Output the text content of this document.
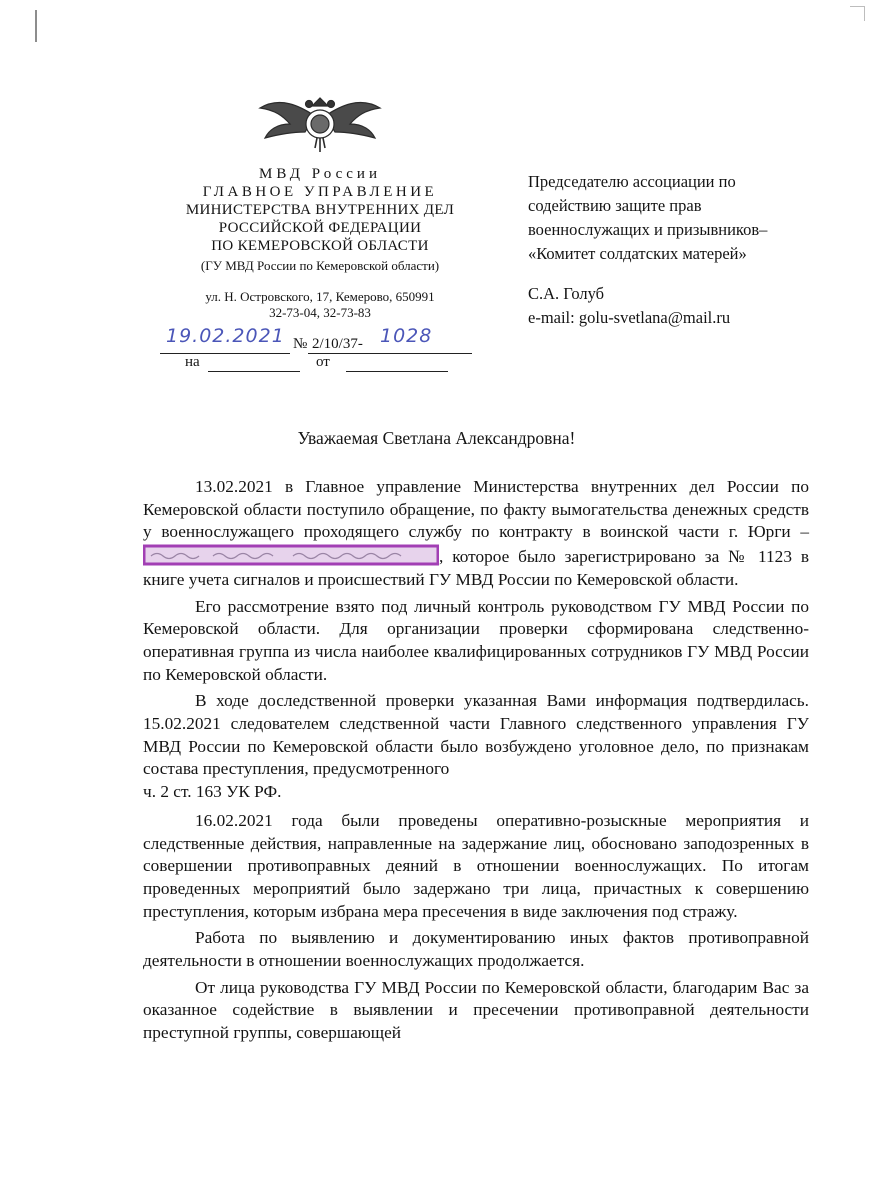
МВД России
ГЛАВНОЕ УПРАВЛЕНИЕ
МИНИСТЕРСТВА ВНУТРЕННИХ ДЕЛ
РОССИЙСКОЙ ФЕДЕРАЦИИ
ПО КЕМЕРОВСКОЙ ОБЛАСТИ
(ГУ МВД России по Кемеровской области)
ул. Н. Островского, 17, Кемерово, 650991
32-73-04, 32-73-83
№ 2/10/37-
на	от
19.02.2021	1028
Председателю ассоциации по
содействию защите прав
военнослужащих и призывников–
«Комитет солдатских матерей»
С.А. Голуб
e-mail: golu-svetlana@mail.ru
Уважаемая Светлана Александровна!

13.02.2021 в Главное управление Министерства внутренних дел России по Кемеровской области поступило обращение, по факту вымогательства денежных средств у военнослужащего проходящего службу по контракту в воинской части г. Юрги –
, которое было зарегистрировано за № 1123 в книге учета сигналов и происшествий ГУ МВД России по Кемеровской области.

Его рассмотрение взято под личный контроль руководством ГУ МВД России по Кемеровской области. Для организации проверки сформирована следственно-оперативная группа из числа наиболее квалифицированных сотрудников ГУ МВД России по Кемеровской области.

В ходе доследственной проверки указанная Вами информация подтвердилась. 15.02.2021 следователем следственной части Главного следственного управления ГУ МВД России по Кемеровской области было возбуждено уголовное дело, по признакам состава преступления, предусмотренного

ч. 2 ст. 163 УК РФ.

16.02.2021 года были проведены оперативно-розыскные мероприятия и следственные действия, направленные на задержание лиц, обосновано заподозренных в совершении противоправных деяний в отношении военнослужащих. По итогам проведенных мероприятий было задержано три лица, причастных к совершению преступления, которым избрана мера пресечения в виде заключения под стражу.

Работа по выявлению и документированию иных фактов противоправной деятельности в отношении военнослужащих продолжается.

От лица руководства ГУ МВД России по Кемеровской области, благодарим Вас за оказанное содействие в выявлении и пресечении противоправной деятельности преступной группы, совершающей
